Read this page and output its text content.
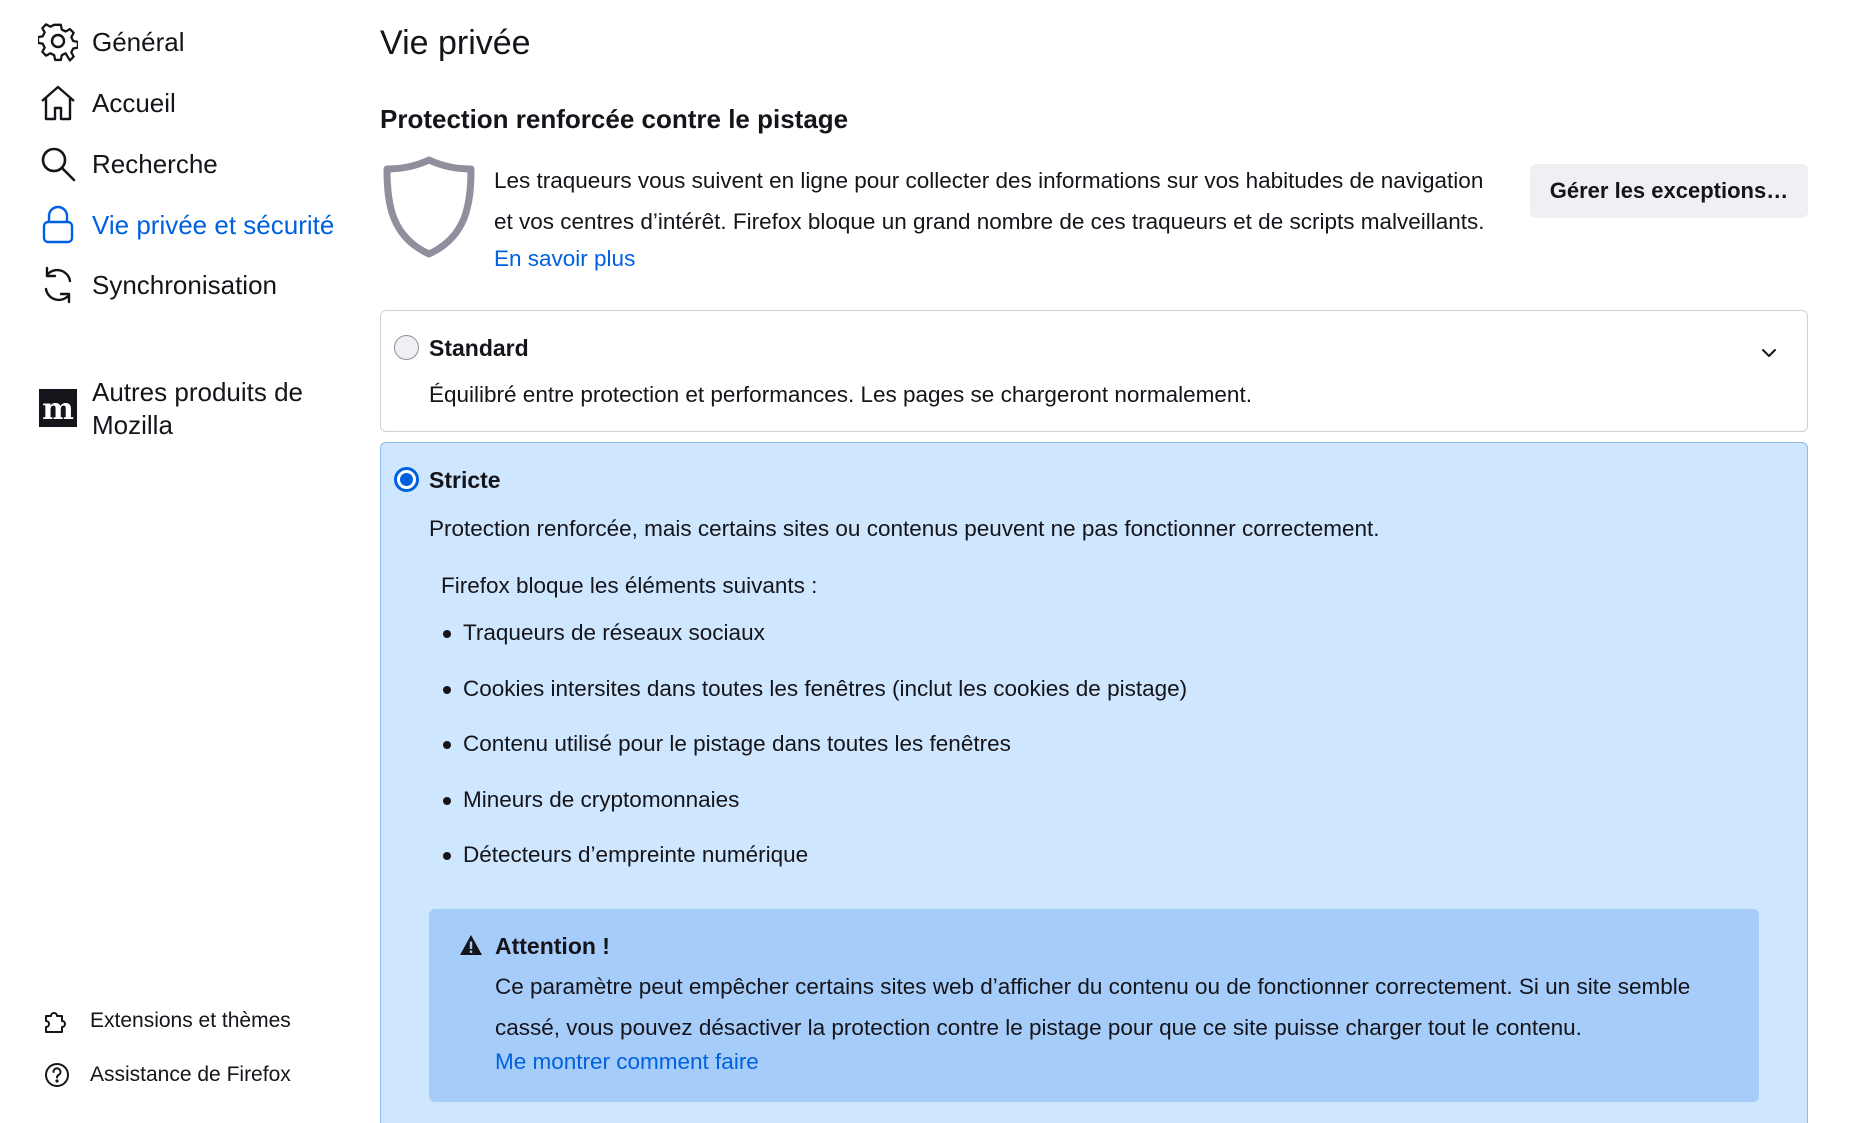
Général
Accueil
Recherche
Vie privée et sécurité
Synchronisation
m Autres produits de Mozilla
Extensions et thèmes
Assistance de Firefox
Vie privée
Protection renforcée contre le pistage

Les traqueurs vous suivent en ligne pour collecter des informations sur vos habitudes de navigation et vos centres d’intérêt. Firefox bloque un grand nombre de ces traqueurs et de scripts malveillants.

En savoir plus
Gérer les exceptions…
Standard
Équilibré entre protection et performances. Les pages se chargeront normalement.
Stricte
Protection renforcée, mais certains sites ou contenus peuvent ne pas fonctionner correctement.
Firefox bloque les éléments suivants :
Traqueurs de réseaux sociaux
Cookies intersites dans toutes les fenêtres (inclut les cookies de pistage)
Contenu utilisé pour le pistage dans toutes les fenêtres
Mineurs de cryptomonnaies
Détecteurs d’empreinte numérique
Attention !

Ce paramètre peut empêcher certains sites web d’afficher du contenu ou de fonctionner correctement. Si un site semble cassé, vous pouvez désactiver la protection contre le pistage pour que ce site puisse charger tout le contenu.

Me montrer comment faire
